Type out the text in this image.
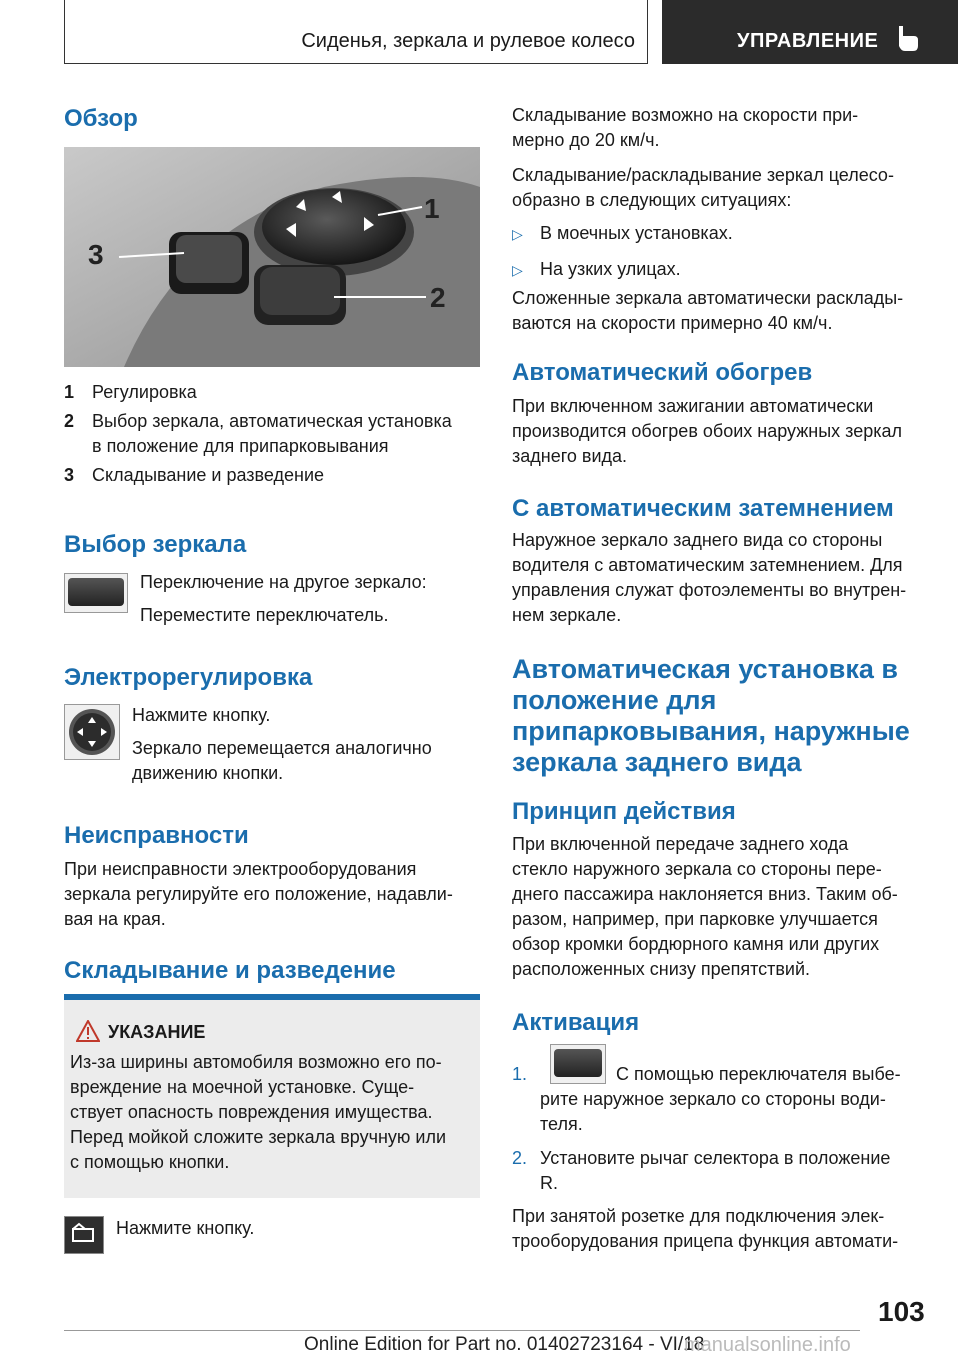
Сиденья, зеркала и рулевое колесо	УПРАВЛЕНИЕ
Обзор
1
2
3
1 Регулировка
2 Выбор зеркала, автоматическая установка
в положение для припарковывания
3 Складывание и разведение
Выбор зеркала

Переключение на другое зеркало:

Переместите переключатель.

Электрорегулировка

Нажмите кнопку.

Зеркало перемещается аналогично

движению кнопки.

Неисправности

При неисправности электрооборудования

зеркала регулируйте его положение, надавли-

вая на края.

Складывание и разведение
УКАЗАНИЕ

Из-за ширины автомобиля возможно его по-

вреждение на моечной установке. Суще-

ствует опасность повреждения имущества.

Перед мойкой сложите зеркала вручную или

с помощью кнопки.

Нажмите кнопку.

Складывание возможно на скорости при-

мерно до 20 км/ч.

Складывание/раскладывание зеркал целесо-

образно в следующих ситуациях:

▷ В моечных установках.
▷ На узких улицах.

Сложенные зеркала автоматически расклады-

ваются на скорости примерно 40 км/ч.

Автоматический обогрев

При включенном зажигании автоматически

производится обогрев обоих наружных зеркал

заднего вида.

С автоматическим затемнением

Наружное зеркало заднего вида со стороны

водителя с автоматическим затемнением. Для

управления служат фотоэлементы во внутрен-

нем зеркале.

Автоматическая установка в
положение для
припарковывания, наружные
зеркала заднего вида
Принцип действия

При включенной передаче заднего хода

стекло наружного зеркала со стороны пере-

днего пассажира наклоняется вниз. Таким об-

разом, например, при парковке улучшается

обзор кромки бордюрного камня или других

расположенных снизу препятствий.

Активация
1.	С помощью переключателя выбе-

рите наружное зеркало со стороны води-

теля.

2. Установите рычаг селектора в положение

R.

При занятой розетке для подключения элек-

трооборудования прицепа функция автомати-

103
Online Edition for Part no. 01402723164 - VI/18
manualsonline.info
